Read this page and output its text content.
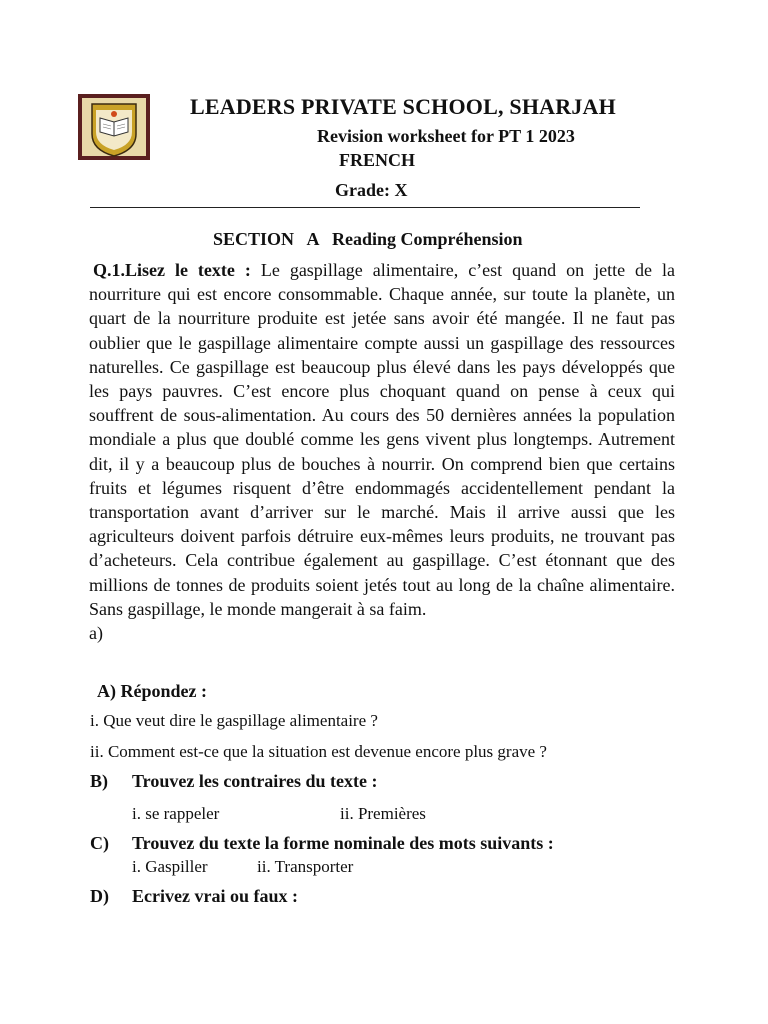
LEADERS PRIVATE SCHOOL, SHARJAH

Revision worksheet for PT 1 2023

FRENCH

Grade: X

SECTION   A   Reading Compréhension

Q.1.Lisez le texte : Le gaspillage alimentaire, c’est quand on jette de la nourriture qui est encore consommable. Chaque année, sur toute la planète, un quart de la nourriture produite est jetée sans avoir été mangée. Il ne faut pas oublier que le gaspillage alimentaire compte aussi un gaspillage des ressources naturelles. Ce gaspillage est beaucoup plus élevé dans les pays développés que les pays pauvres. C’est encore plus choquant quand on pense à ceux qui souffrent de sous-alimentation. Au cours des 50 dernières années la population mondiale a plus que doublé comme les gens vivent plus longtemps. Autrement dit, il y a beaucoup plus de bouches à nourrir. On comprend bien que certains fruits et légumes risquent d’être endommagés accidentellement pendant la transportation avant d’arriver sur le marché. Mais il arrive aussi que les agriculteurs doivent parfois détruire eux-mêmes leurs produits, ne trouvant pas d’acheteurs. Cela contribue également au gaspillage. C’est étonnant que des millions de tonnes de produits soient jetés tout au long de la chaîne alimentaire. Sans gaspillage, le monde mangerait à sa faim.
a)

A) Répondez :
i. Que veut dire le gaspillage alimentaire ?
ii. Comment est-ce que la situation est devenue encore plus grave ?
B) Trouvez les contraires du texte :
i. se rappeler	ii. Premières
C) Trouvez du texte la forme nominale des mots suivants :
i. Gaspiller	ii. Transporter
D) Ecrivez vrai ou faux :
